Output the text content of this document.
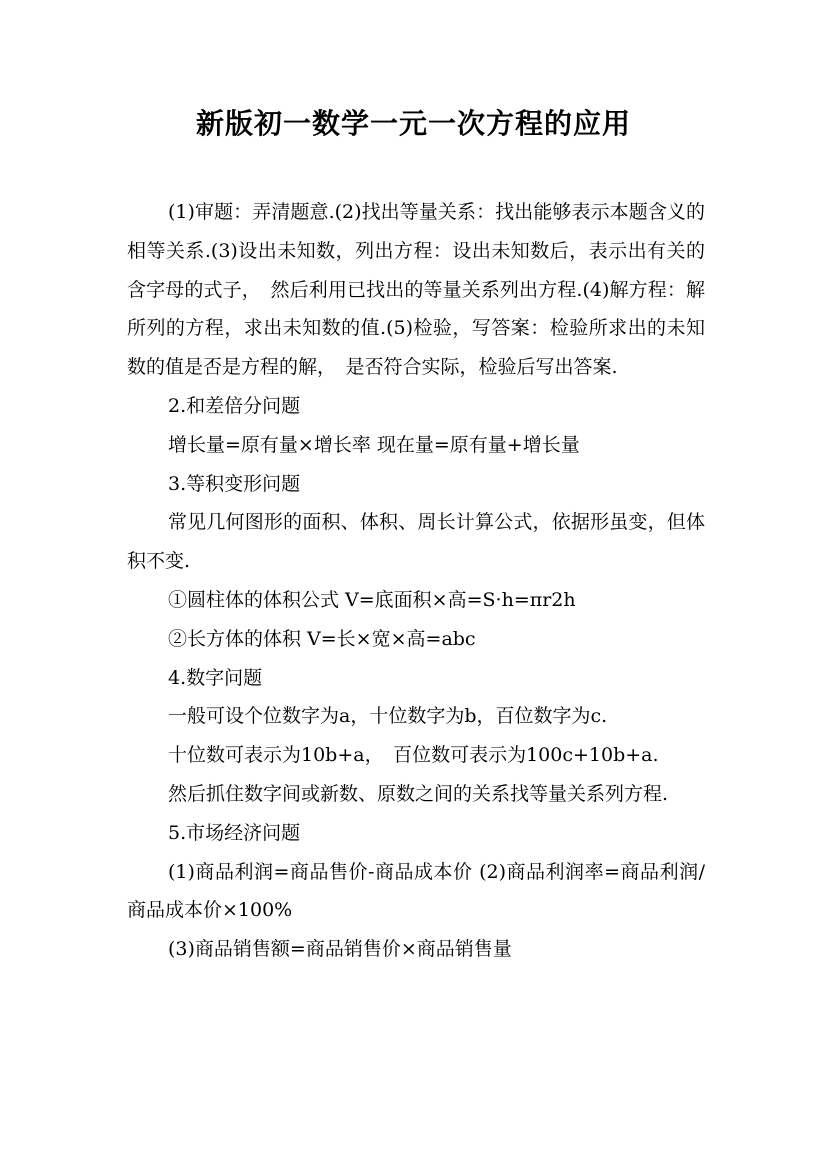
新版初一数学一元一次方程的应用

(1)审题：弄清题意.(2)找出等量关系：找出能够表示本题含义的相等关系.(3)设出未知数，列出方程：设出未知数后，表示出有关的含字母的式子，　然后利用已找出的等量关系列出方程.(4)解方程：解所列的方程，求出未知数的值.(5)检验，写答案：检验所求出的未知数的值是否是方程的解，　是否符合实际，检验后写出答案.

2.和差倍分问题

增长量=原有量×增长率 现在量=原有量+增长量

3.等积变形问题

常见几何图形的面积、体积、周长计算公式，依据形虽变，但体积不变.

①圆柱体的体积公式 V=底面积×高=S·h=πr2h

②长方体的体积 V=长×宽×高=abc

4.数字问题

一般可设个位数字为a，十位数字为b，百位数字为c.

十位数可表示为10b+a，　百位数可表示为100c+10b+a.

然后抓住数字间或新数、原数之间的关系找等量关系列方程.

5.市场经济问题

(1)商品利润=商品售价-商品成本价 (2)商品利润率=商品利润/商品成本价×100%

(3)商品销售额=商品销售价×商品销售量
